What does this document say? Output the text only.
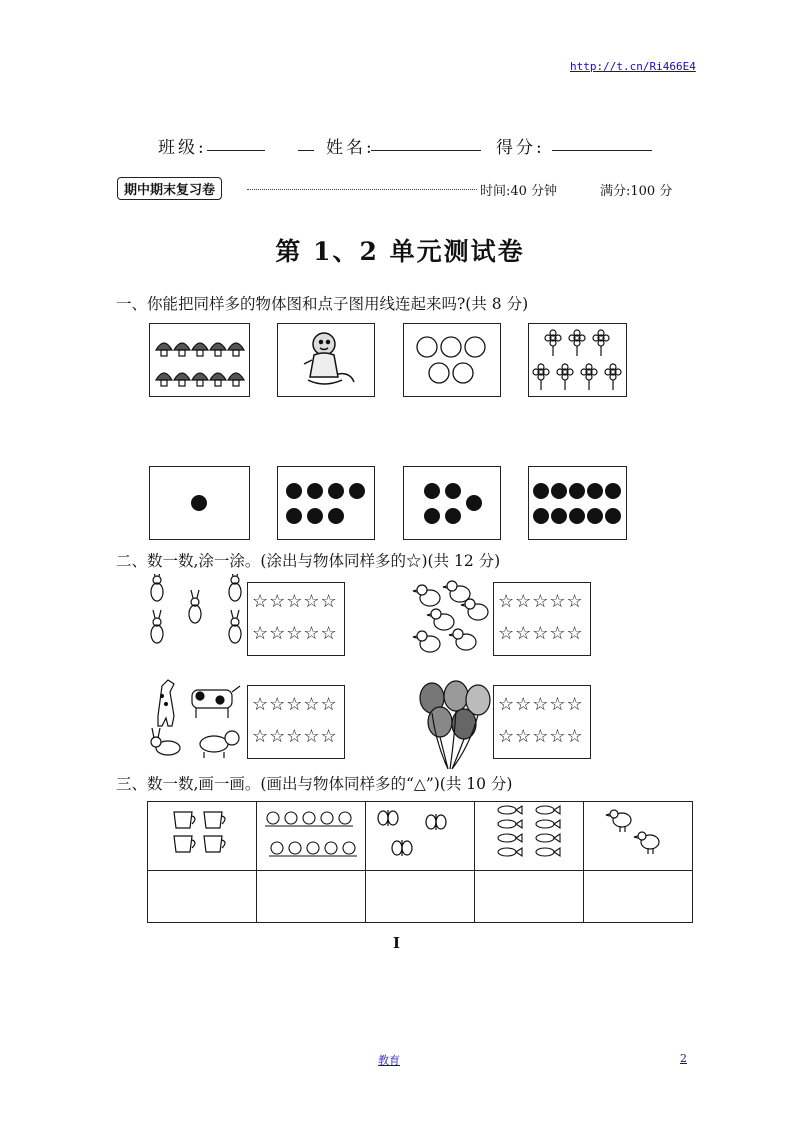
http://t.cn/Ri466E4
班级:	姓名:	得分:
期中期末复习卷	时间:40 分钟	满分:100 分
第 1、2 单元测试卷
一、你能把同样多的物体图和点子图用线连起来吗?(共 8 分)
二、数一数,涂一涂。(涂出与物体同样多的☆)(共 12 分)
☆☆☆☆☆
☆☆☆☆☆
☆☆☆☆☆
☆☆☆☆☆
☆☆☆☆☆
☆☆☆☆☆
☆☆☆☆☆
☆☆☆☆☆
三、数一数,画一画。(画出与物体同样多的“△”)(共 10 分)

I
教育	2
